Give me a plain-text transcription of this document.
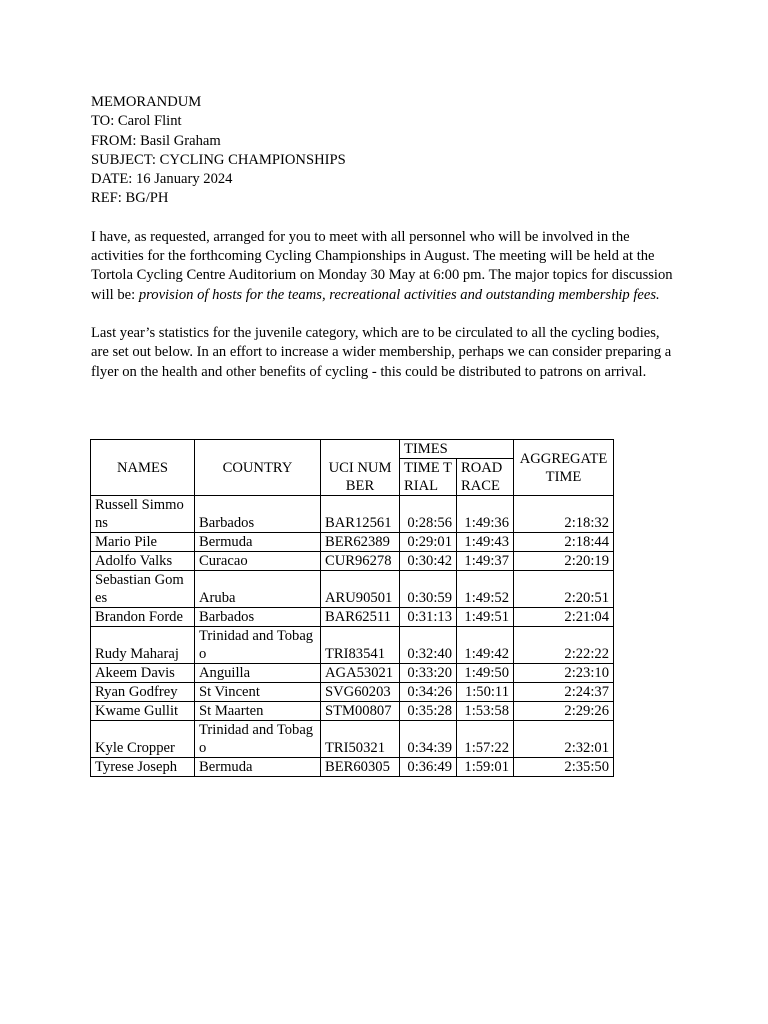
MEMORANDUM
TO: Carol Flint
FROM: Basil Graham
SUBJECT: CYCLING CHAMPIONSHIPS
DATE: 16 January 2024
REF: BG/PH
I have, as requested, arranged for you to meet with all personnel who will be involved in the activities for the forthcoming Cycling Championships in August. The meeting will be held at the Tortola Cycling Centre Auditorium on Monday 30 May at 6:00 pm. The major topics for discussion will be: provision of hosts for the teams, recreational activities and outstanding membership fees.
Last year’s statistics for the juvenile category, which are to be circulated to all the cycling bodies, are set out below. In an effort to increase a wider membership, perhaps we can consider preparing a flyer on the health and other benefits of cycling - this could be distributed to patrons on arrival.
NAMES	COUNTRY	UCI NUMBER	TIMES		AGGREGATE TIME
			TIME TRIAL	ROAD RACE	
Russell Simmons	Barbados	BAR12561	0:28:56	1:49:36	2:18:32
Mario Pile	Bermuda	BER62389	0:29:01	1:49:43	2:18:44
Adolfo Valks	Curacao	CUR96278	0:30:42	1:49:37	2:20:19
Sebastian Gomes	Aruba	ARU90501	0:30:59	1:49:52	2:20:51
Brandon Forde	Barbados	BAR62511	0:31:13	1:49:51	2:21:04
Rudy Maharaj	Trinidad and Tobago	TRI83541	0:32:40	1:49:42	2:22:22
Akeem Davis	Anguilla	AGA53021	0:33:20	1:49:50	2:23:10
Ryan Godfrey	St Vincent	SVG60203	0:34:26	1:50:11	2:24:37
Kwame Gullit	St Maarten	STM00807	0:35:28	1:53:58	2:29:26
Kyle Cropper	Trinidad and Tobago	TRI50321	0:34:39	1:57:22	2:32:01
Tyrese Joseph	Bermuda	BER60305	0:36:49	1:59:01	2:35:50
